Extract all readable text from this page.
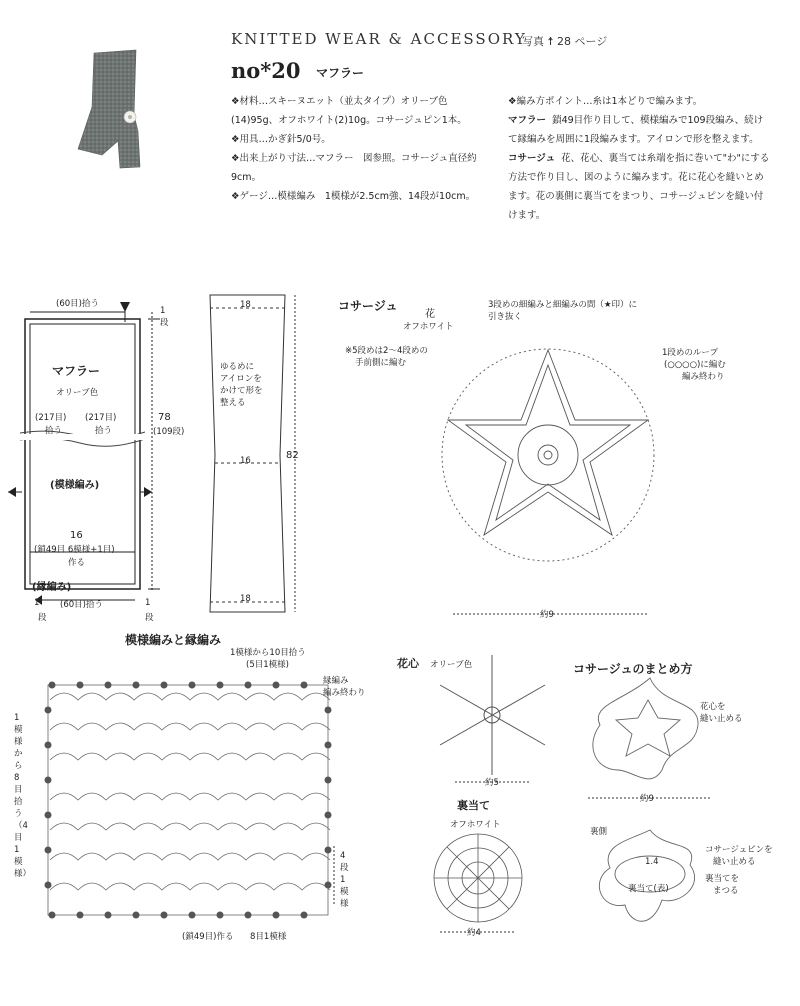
KNITTED WEAR & ACCESSORY
写真 ☨ 28 ページ
no*20 マフラー
❖材料…スキーヌエット（並太タイプ）オリーブ色(14)95g、オフホワイト(2)10g。コサージュピン1本。
❖用具…かぎ針5/0号。
❖出来上がり寸法…マフラー　図参照。コサージュ直径約9cm。
❖ゲージ…模様編み　1模様が2.5cm強、14段が10cm。
❖編み方ポイント…糸は1本どりで編みます。
マフラー 鎖49目作り目して、模様編みで109段編み、続けて縁編みを周囲に1段編みます。アイロンで形を整えます。
コサージュ 花、花心、裏当ては糸端を指に巻いて"わ"にする方法で作り目し、図のように編みます。花に花心を縫いとめます。花の裏側に裏当てをまつり、コサージュピンを縫い付けます。
(60目)拾う
1
段
マフラー
オリーブ色
(217目)
拾う
(217目)
拾う
(模様編み)
78
(109段)
16
(鎖49目 6模様+1目)
作る
(縁編み)
(60目)拾う
1
段
1
段
18
16
18
82
ゆるめに
アイロンを
かけて形を
整える
コサージュ
花
オフホワイト
※5段めは2～4段めの
手前側に編む
3段めの細編みと細編みの間（★印）に
引き抜く
1段めのループ
(○○○○)に編む
編み終わり
約9
模様編みと縁編み
1模様から10目拾う
(5目1模様)
縁編み
編み終わり
1模様から8目拾う（4目1模様）
4段1模様
(鎖49目)作る 8目1模様
花心 オリーブ色
約5
裏当て
オフホワイト
約4
コサージュのまとめ方
花心を
縫い止める
約9
裏側
コサージュピンを
縫い止める
裏当てを
まつる
1.4
裏当て(表)
